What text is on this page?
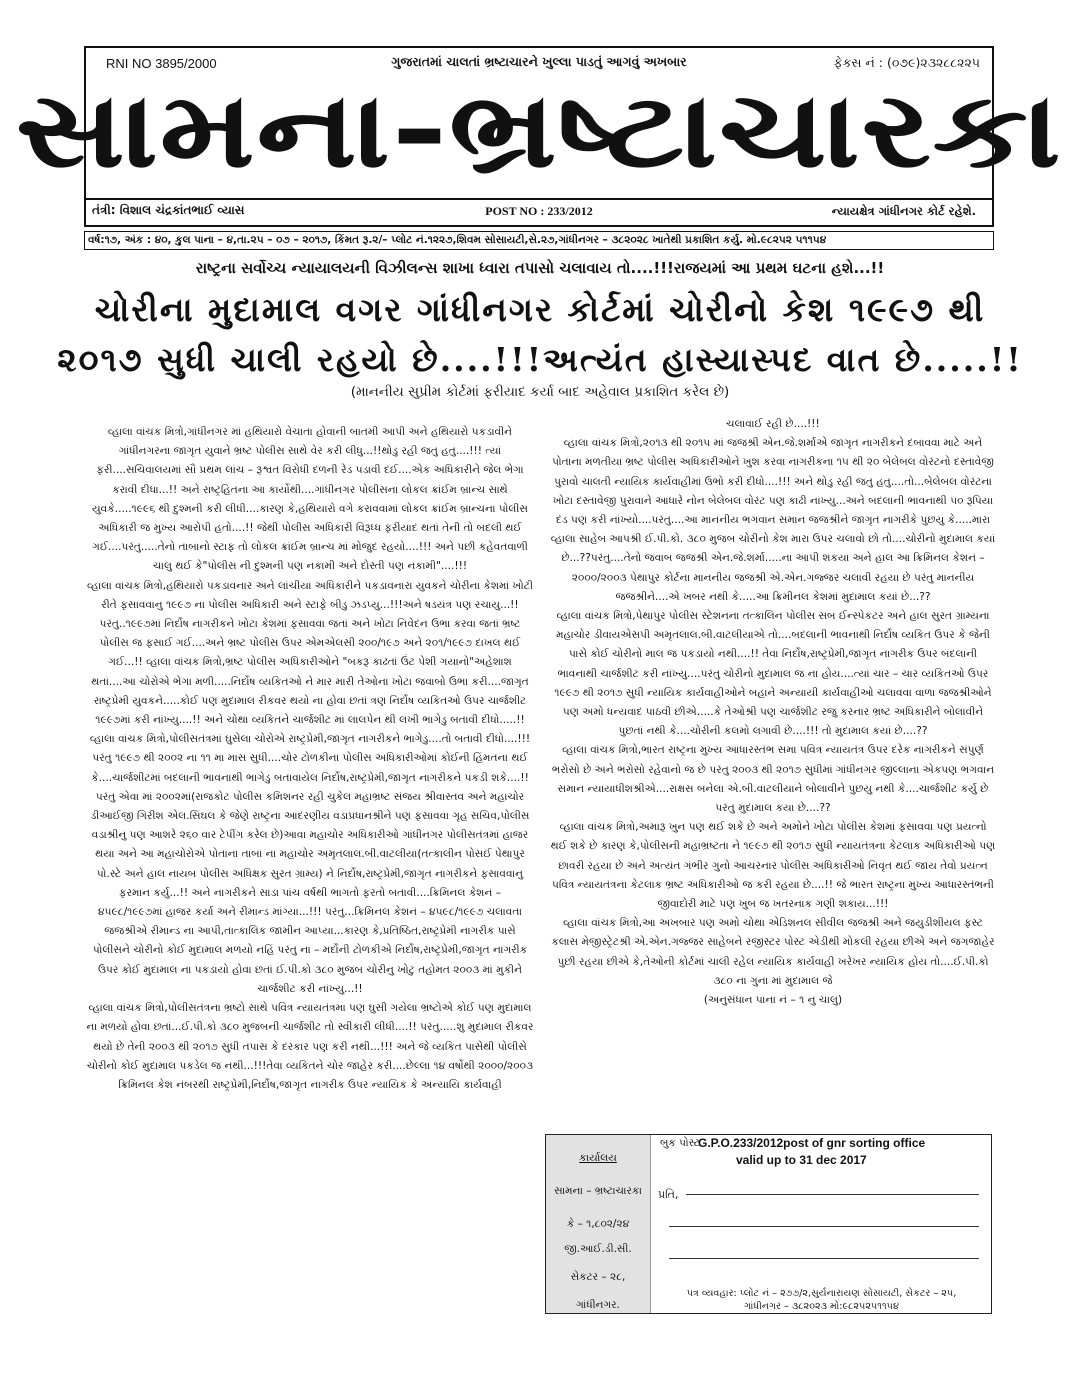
RNI NO 3895/2000	ગુજરાતમાં ચાલતાં ભ્રષ્ટાચારને ખુલ્લા પાડતું આગવું અખબાર	ફેકસ નં : (૦૭૯)૨૩૨૮૮૨૨૫
સામના-ભ્રષ્ટાચારકા
તંત્રી: વિશાલ ચંદ્રકાંતભાઈ વ્યાસ	POST NO : 233/2012	ન્યાયક્ષેત્ર ગાંધીનગર કોર્ટ રહેશે.
વર્ષ:૧૭, અંક : ૪૦, કુલ પાના – ૪,તા.૨૫ – ૦૭ – ૨૦૧૭, કિંમત રૂ.૨/– પ્લોટ નં.૧૨૨૭,શિવમ સોસાયટી,સે.૨૭,ગાંધીનગર – ૩૮૨૦૨૮ ખાતેથી પ્રકાશિત કર્યુ. મો.૯૮૨૫૨ ૫૧૧૫૪
રાષ્ટ્રના સર્વોચ્ચ ન્યાયાલયની વિઝીલન્સ શાખા ધ્વારા તપાસો ચલાવાય તો....!!!રાજયમાં આ પ્રથમ ઘટના હશે...!!
ચોરીના મુદામાલ વગર ગાંધીનગર કોર્ટમાં ચોરીનો કેશ ૧૯૯૭ થી
૨૦૧૭ સુધી ચાલી રહયો છે....!!!અત્યંત હાસ્યાસ્પદ વાત છે.....!!
(માનનીય સુપ્રીમ કોર્ટમાં ફરીયાદ કર્યા બાદ અહેવાલ પ્રકાશિત કરેલ છે)

વ્હાલા વાંચક મિત્રો,ગાંધીનગર માં હથિયારો વેચાતા હોવાની બાતમી આપી અને હથિયારો પકડાવીને ગાંધીનગરના જાગૃત યુવાને ભ્રષ્ટ પોલીસ સાથે વેર કરી લીધુ...!!થોડુ રહી જતુ હતુ....!!! ત્યાં ફરી....સચિવાલયમાં સૌ પ્રથમ લાંચ – રૂશ્વત વિરોધી દળની રેડ પડાવી દઈ....એક અધિકારીને જેલ ભેગા કરાવી દીધા...!! અને રાષ્ટ્રહિતના આ કાર્યોથી....ગાંધીનગર પોલીસના લોકલ ક્રાંઈમ બ્રાન્ચ સાથે યુવકે.....૧૯૯૬ થી દુશ્મની કરી લીધી....કારણ કે,હથિયારો વગે કરાવવામાં લોકલ ક્રાંઈમ બ્રાન્ચના પોલીસ અધિકારી જ મુખ્ય આરોપી હતો....!! જેથી પોલીસ અધિકારી વિરૂધ્ધ ફરીયાદ થતાં તેની તો બદલી થઈ ગઈ....પરંતુ.....તેનો તાબાનો સ્ટાફ તો લોકલ ક્રાંઈમ બ્રાન્ચ માં મોજુદ રહયો....!!! અને પછી કહેવતવાળી ચાલુ થઈ કે"પોલીસ ની દુશ્મની પણ નકામી અને દોસ્તી પણ નકામી"....!!!

વ્હાલા વાંચક મિત્રો,હથિયારો પકડાવનાર અને લાંચીયા અધિકારીને પકડાવનારા યુવકને ચોરીના કેશમાં ખોટી રીતે ફસાવવાનુ ૧૯૯૭ ના પોલીસ અધિકારી અને સ્ટાફે બીડુ ઝડપ્યુ...!!!અને ષડયંત્ર પણ રચાયુ...!! પરંતુ..૧૯૯૭માં નિર્દોષ નાગરીકને ખોટા કેશમાં ફસાવવા જતાં અને ખોટા નિવેદન ઉભા કરવા જતાં ભ્રષ્ટ પોલીસ જ ફસાઈ ગઈ....અને ભ્રષ્ટ પોલીસ ઉપર એમએલસી ૨૦૦/૧૯૭ અને ૨૦૧/૧૯૯૭ દાખલ થઈ ગઈ...!! વ્હાલા વાંચક મિત્રો,ભ્રષ્ટ પોલીસ અધિકારીઓને "બકરૂ કાઢતાં ઉંટ પેશી ગયાનો"અહેશાશ થતાં....આ ચોરોએ ભેગા મળી.....નિર્દોષ વ્યકિતઓ ને માર મારી તેઓના ખોટા જવાબો ઉભા કરી....જાગૃત રાષ્ટ્રપ્રેમી યુવકને.....કોઈ પણ મુદામાલ રીકવર થયો ના હોવા છતાં ત્રણ નિર્દોષ વ્યકિતઓ ઉપર ચાર્જશીટ ૧૯૯૭માં કરી નાંખ્યુ....!! અને ચોથા વ્યકિતને ચાર્જશીટ માં લાલપેન થી લખી ભાગેડુ બતાવી દીધો.....!! વ્હાલા વાંચક મિત્રો,પોલીસતંત્રમાં ઘુસેલા ચોરોએ રાષ્ટ્રપ્રેમી,જાગૃત નાગરીકને ભાગેડુ....તો બતાવી દીધો....!!! પરંતુ ૧૯૯૭ થી ૨૦૦૨ ના ૧૧ મા માસ સુધી....ચોર ટોળકીના પોલીસ અધિકારીઓમાં કોઈની હિંમતના થઈ કે....ચાર્જશીટમાં બદલાની ભાવનાથી ભાગેડુ બતાવાયેલ નિર્દોષ,રાષ્ટ્રપ્રેમી,જાગૃત નાગરીકને પકડી શકે....!!

પરંતુ એવા માં ૨૦૦૨માં(રાજકોટ પોલીસ કમિશનર રહી ચુકેલ મહાભ્રષ્ટ સંજય શ્રીવાસ્તવ અને મહાચોર ડીઆઈજી ગિરીશ એલ.સિંઘલ કે જેણે રાષ્ટ્રના આદરણીય વડાપ્રધાનશ્રીને પણ ફસાવવા ગૃહ સચિવ,પોલીસ વડાશ્રીનુ પણ આશરે ૨૬૦ વાર ટેપીંગ કરેલ છે)આવા મહાચોર અધિકારીઓ ગાંધીનગર પોલીસતંત્રમાં હાજર થયા અને આ મહાચોરોએ પોતાના તાબા ના મહાચોર અમૃતલાલ.બી.વાટલીયા(તત્કાલીન પોસઈ પેથાપુર પો.સ્ટે અને હાલ નાયબ પોલીસ અધિક્ષક સુરત ગ્રામ્ય) ને નિર્દોષ,રાષ્ટ્રપ્રેમી,જાગૃત નાગરીકને ફસાવવાનુ ફરમાન કર્યુ...!! અને નાગરીકને સાડા પાંચ વર્ષથી ભાગતો ફરતો બતાવી....ક્રિમિનલ કેશનં – ૪૫૯૮/૧૯૯૭માં હાજર કર્યા અને રીમાન્ડ માંગ્યા...!!! પરંતુ...ક્રિમિનલ કેશનં – ૪૫૯૮/૧૯૯૭ ચલાવતા જજશ્રીએ રીમાન્ડ ના આપી,તાત્કાલિક જામીન આપ્યા...કારણ કે,પ્રતિષ્ઠિત,રાષ્ટ્રપ્રેમી નાગરીક પાસે પોલીસને ચોરીનો કોઈ મુદામાલ મળયો નહિં પરંતુ ના – મર્દોની ટોળકીએ નિર્દોષ,રાષ્ટ્રપ્રેમી,જાગૃત નાગરીક ઉપર કોઈ મુદામાલ ના પકડાયો હોવા છતાં ઈ.પી.કો ૩૮૦ મુજબ ચોરીનુ ખોટુ તહોમત ૨૦૦૩ માં મુકીને ચાર્જશીટ કરી નાંખ્યુ...!!

વ્હાલા વાંચક મિત્રો,પોલીસતંત્રના ભ્રષ્ટો સાથે પવિત્ર ન્યાયતંત્રમા પણ ઘુસી ગયેલા ભ્રષ્ટોએ કોઈ પણ મુદામાલ ના મળયો હોવા છતાં...ઈ.પી.કો ૩૮૦ મુજબની ચાર્જશીટ તો સ્વીકારી લીધી....!! પરંતુ.....શુ મુદામાલ રીકવર થયો છે તેની ૨૦૦૩ થી ૨૦૧૭ સુધી તપાસ કે દરકાર પણ કરી નથી...!!! અને જે વ્યકિત પાસેથી પોલીસે ચોરીનો કોઈ મુદામાલ પકડેલ જ નથી...!!!તેવા વ્યકિતને ચોર જાહેર કરી....છેલ્લા ૧૪ વર્ષોથી ૨૦૦૦/૨૦૦૩ ક્રિમિનલ કેશ નંબરથી રાષ્ટ્રપ્રેમી,નિર્દોષ,જાગૃત નાગરીક ઉપર ન્યાયિક કે અન્યાયિ કાર્યવાહી

ચલાવાઈ રહી છે....!!!

વ્હાલા વાંચક મિત્રો,૨૦૧૩ થી ૨૦૧૫ માં જજશ્રી એન.જે.શર્માએ જાગૃત નાગરીકને દબાવવા માટે અને પોતાના મળતીયા ભ્રષ્ટ પોલીસ અધિકારીઓને ખુશ કરવા નાગરીકના ૧૫ થી ૨૦ બેલેબલ વોરંટનો દસ્તાવેજી પુરાવો ચાલતી ન્યાયિક કાર્યવાહીમાં ઉભો કરી દીધો....!!! અને થોડુ રહી જતુ હતુ....તો...બેલેબલ વોરંટના ખોટા દસ્તાવેજી પુરાવાને આધારે નોન બેલેબલ વોરંટ પણ કાઢી નાંખ્યુ...અને બદલાની ભાવનાથી ૫૦ રૂપિયા દંડ પણ કરી નાંખ્યો....પરંતુ....આ માનનીય ભગવાન સમાન જજશ્રીને જાગૃત નાગરીકે પુછયુ કે.....મારા વ્હાલા સાહેબ આપશ્રી ઈ.પી.કો. ૩૮૦ મુજબ ચોરીનો કેશ મારા ઉપર ચલાવો છો તો....ચોરીનો મુદામાલ કયાં છે...??પરંતુ....તેનો જવાબ જજશ્રી એન.જે.શર્મા.....ના આપી શકયા અને હાલ આ ક્રિમિનલ કેશનં – ૨૦૦૦/૨૦૦૩ પેથાપુર કોર્ટના માનનીય જજશ્રી એ.એન.ગજ્જર ચલાવી રહયા છે પરંતુ માનનીય જજશ્રીને....એ ખબર નથી કે.....આ ક્રિમીનલ કેશમાં મુદામાલ કયાં છે...??

વ્હાલા વાંચક મિત્રો,પેથાપુર પોલીસ સ્ટેશનના તત્કાલિન પોલીસ સબ ઈન્સ્પેકટર અને હાલ સુરત ગ્રામ્યના મહાચોર ડીવાયએસપી અમૃતલાલ.બી.વાટલીયાએ તો....બદલાની ભાવનાથી નિર્દોષ વ્યકિત ઉપર કે જેની પાસે કોઈ ચોરીનો માલ જ પકડાયો નથી....!! તેવા નિર્દોષ,રાષ્ટ્રપ્રેમી,જાગૃત નાગરીક ઉપર બદલાની ભાવનાથી ચાર્જશીટ કરી નાંખ્યુ....પરંતુ ચોરીનો મુદામાલ જ ના હોય....ત્યાં ચાર – ચાર વ્યકિતઓ ઉપર ૧૯૯૭ થી ૨૦૧૭ સુધી ન્યાયિક કાર્યવાહીઓને બહાને અન્યાયી કાર્યવાહીઓ ચલાવવા વાળા જજશ્રીઓને પણ અમો ધન્યવાદ પાઠવી છીએ.....કે તેઓશ્રી પણ ચાર્જશીટ રજુ કરનાર ભ્રષ્ટ અધિકારીને બોલાવીને પુછતાં નથી કે....ચોરીની કલમો લગાવી છે....!!! તો મુદામાલ કયાં છે....??

વ્હાલા વાંચક મિત્રો,ભારત રાષ્ટ્રના મુખ્ય આધારસ્તંભ સમા પવિત્ર ન્યાયતંત્ર ઉપર દરેક નાગરીકને સંપુર્ણ ભરોસો છે અને ભરોસો રહેવાનો જ છે પરંતુ ૨૦૦૩ થી ૨૦૧૭ સુધીમાં ગાંધીનગર જીલ્લાના એકપણ ભગવાન સમાન ન્યાયાધીશશ્રીએ....રાક્ષસ બનેલા એ.બી.વાટલીયાને બોલાવીને પુછયુ નથી કે....ચાર્જશીટ કર્યુ છે પરંતુ મુદામાલ કયા છે....??

વ્હાલા વાંચક મિત્રો,અમારૂ ખુન પણ થઈ શકે છે અને અમોને ખોટા પોલીસ કેશમાં ફસાવવા પણ પ્રયત્નો થઈ શકે છે કારણ કે,પોલીસની મહાભ્રષ્ટતા ને ૧૯૯૭ થી ૨૦૧૭ સુધી ન્યાયતંત્રના કેટલાક અધિકારીઓ પણ છાવરી રહયા છે અને અત્યંત ગંભીર ગુનો આચરનાર પોલીસ અધિકારીઓ નિવૃત થઈ જાય તેવો પ્રયત્ન પવિત્ર ન્યાયતંત્રના કેટલાક ભ્રષ્ટ અધિકારીઓ જ કરી રહયા છે....!! જે ભારત રાષ્ટ્રના મુખ્ય આધારસ્તંભની જીવાદોરી માટે પણ ખુબ જ ખતરનાક ગણી શકાય...!!!

વ્હાલા વાંચક મિત્રો,આ અખબાર પણ અમો ચોથા એડિશનલ સીવીલ જજશ્રી અને જયુડીશીયલ ફસ્ટ કલાસ મેજીસ્ટ્રેટશ્રી એ.એન.ગજ્જર સાહેબને રજીસ્ટર પોસ્ટ એડીથી મોકલી રહયા છીએ અને જગજાહેર પુછી રહયા છીએ કે,તેઓની કોર્ટમાં ચાલી રહેલ ન્યાયિક કાર્યવાહી ખરેખર ન્યાયિક હોય તો....ઈ.પી.કો ૩૮૦ ના ગુના માં મુદામાલ જે

(અનુસંધાન પાના નં – ૧ નુ ચાલુ)

કાર્યાલય
સામના – ભ્રષ્ટાચારકા
કે – ૧,૮૦૨/૨૪
જી.આઈ.ડી.સી.
સેકટર – ૨૮,
ગાંધીનગર.
બુક પોસ્ટ
G.P.O.233/2012post of gnr sorting office
valid up to 31 dec 2017
પ્રતિ,
પત્ર વ્યવહાર: પ્લોટ નં – ૨૭૭/૨,સુર્યનારાયણ સોસાયટી, સેકટર – ૨૫,
ગાંધીનગર – ૩૮૨૦૨૩ મો:૯૮૨૫૨૫૧૧૫૪
